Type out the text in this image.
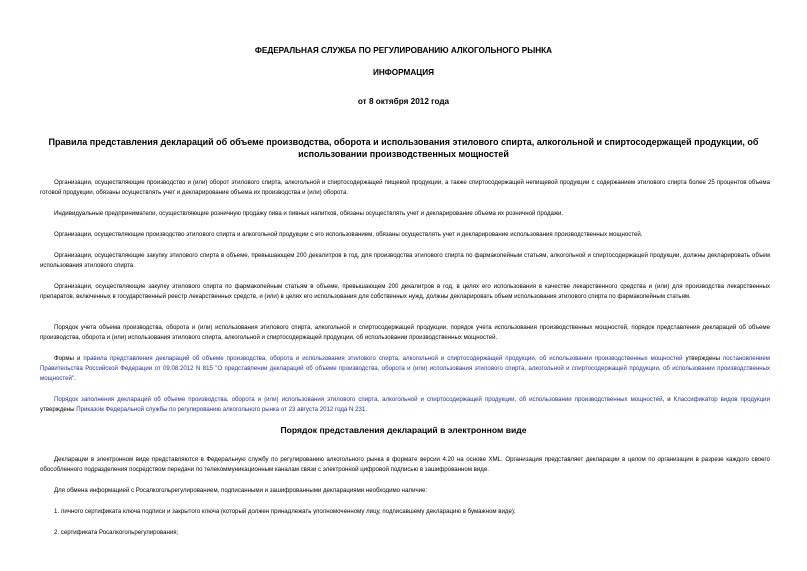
ФЕДЕРАЛЬНАЯ СЛУЖБА ПО РЕГУЛИРОВАНИЮ АЛКОГОЛЬНОГО РЫНКА
ИНФОРМАЦИЯ
от 8 октября 2012 года
Правила представления деклараций об объеме производства, оборота и использования этилового спирта, алкогольной и спиртосодержащей продукции, об использовании производственных мощностей

Организации, осуществляющие производство и (или) оборот этилового спирта, алкогольной и спиртосодержащей пищевой продукции, а также спиртосодержащей непищевой продукции с содержанием этилового спирта более 25 процентов объема готовой продукции, обязаны осуществлять учет и декларирование объема их производства и (или) оборота.

Индивидуальные предприниматели, осуществляющие розничную продажу пива и пивных напитков, обязаны осуществлять учет и декларирование объема их розничной продажи.

Организации, осуществляющие производство этилового спирта и алкогольной продукции с его использованием, обязаны осуществлять учет и декларирование использования производственных мощностей.

Организации, осуществляющие закупку этилового спирта в объеме, превышающем 200 декалитров в год, для производства этилового спирта по фармакопейным статьям, алкогольной и спиртосодержащей продукции, должны декларировать объем использования этилового спирта.

Организации, осуществляющие закупку этилового спирта по фармакопейным статьям в объеме, превышающем 200 декалитров в год, в целях его использования в качестве лекарственного средства и (или) для производства лекарственных препаратов, включенных в государственный реестр лекарственных средств, и (или) в целях его использования для собственных нужд, должны декларировать объем использования этилового спирта по фармакопейным статьям.

Порядок учета объема производства, оборота и (или) использования этилового спирта, алкогольной и спиртосодержащей продукции, порядок учета использования производственных мощностей, порядок представления деклараций об объеме производства, оборота и (или) использования этилового спирта, алкогольной и спиртосодержащей продукции, об использовании производственных мощностей.

Формы и правила представления деклараций об объеме производства, оборота и использования этилового спирта, алкогольной и спиртосодержащей продукции, об использовании производственных мощностей утверждены постановлением Правительства Российской Федерации от 09.08.2012 N 815 "О представлении деклараций об объеме производства, оборота и (или) использования этилового спирта, алкогольной и спиртосодержащей продукции, об использовании производственных мощностей".

Порядок заполнения деклараций об объеме производства, оборота и (или) использования этилового спирта, алкогольной и спиртосодержащей продукции, об использовании производственных мощностей, и Классификатор видов продукции утверждены Приказом Федеральной службы по регулированию алкогольного рынка от 23 августа 2012 года N 231.

Порядок представления деклараций в электронном виде

Декларации в электронном виде представляются в Федеральную службу по регулированию алкогольного рынка в формате версии 4.20 на основе XML. Организация представляет декларации в целом по организации в разрезе каждого своего обособленного подразделения посредством передачи по телекоммуникационным каналам связи с электронной цифровой подписью в зашифрованном виде.

Для обмена информацией с Росалкогольрегулированием, подписанными и зашифрованными декларациями необходимо наличие:

1. личного сертификата ключа подписи и закрытого ключа (который должен принадлежать уполномоченному лицу, подписавшему декларацию в бумажном виде);

2. сертификата Росалкогольрегулирования;
